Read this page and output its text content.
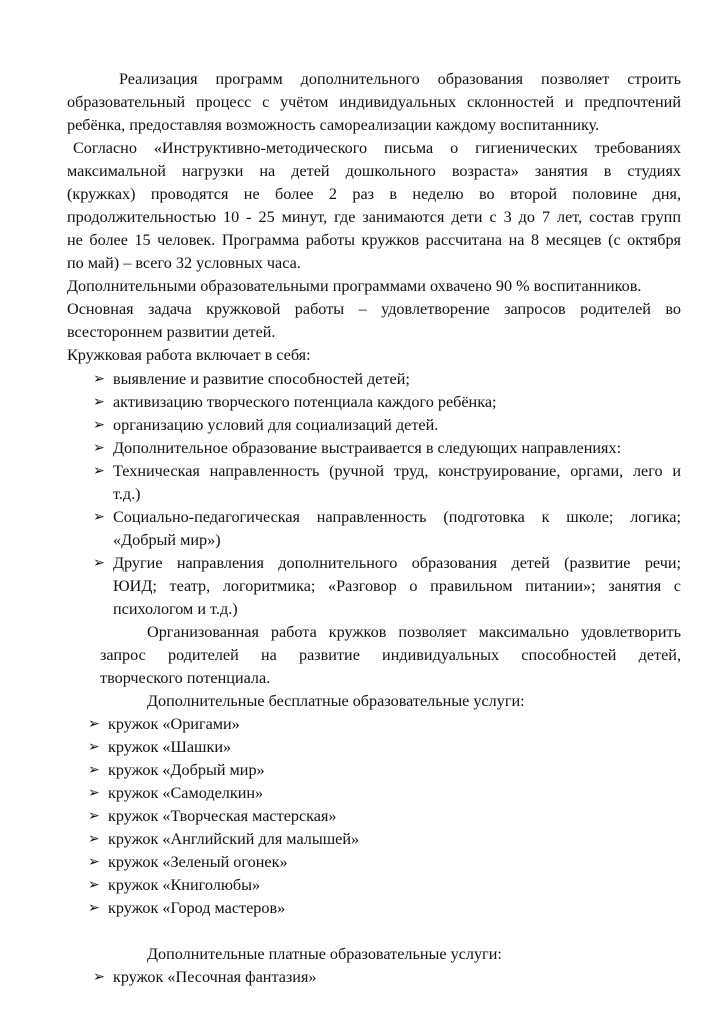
Реализация программ дополнительного образования позволяет строить
образовательный процесс с учётом индивидуальных склонностей и предпочтений
ребёнка, предоставляя возможность самореализации каждому воспитаннику.
Согласно «Инструктивно-методического письма о гигиенических требованиях
максимальной нагрузки на детей дошкольного возраста» занятия в студиях
(кружках) проводятся не более 2 раз в неделю во второй половине дня,
продолжительностью 10 - 25 минут, где занимаются дети с 3 до 7 лет, состав групп
не более 15 человек. Программа работы кружков рассчитана на 8 месяцев (с октября
по май) – всего 32 условных часа.
Дополнительными образовательными программами охвачено 90 % воспитанников.
Основная задача кружковой работы – удовлетворение запросов родителей во
всестороннем развитии детей.
Кружковая работа включает в себя:
➢ выявление и развитие способностей детей;
➢ активизацию творческого потенциала каждого ребёнка;
➢ организацию условий для социализаций детей.
➢ Дополнительное образование выстраивается в следующих направлениях:
➢ Техническая направленность (ручной труд, конструирование, оргами, лего и
т.д.)
➢ Социально-педагогическая направленность (подготовка к школе; логика;
«Добрый мир»)
➢ Другие направления дополнительного образования детей (развитие речи;
ЮИД; театр, логоритмика; «Разговор о правильном питании»; занятия с
психологом и т.д.)
Организованная работа кружков позволяет максимально удовлетворить
запрос родителей на развитие индивидуальных способностей детей,
творческого потенциала.
Дополнительные бесплатные образовательные услуги:
➢ кружок «Оригами»
➢ кружок «Шашки»
➢ кружок «Добрый мир»
➢ кружок «Самоделкин»
➢ кружок «Творческая мастерская»
➢ кружок «Английский для малышей»
➢ кружок «Зеленый огонек»
➢ кружок «Книголюбы»
➢ кружок «Город мастеров»
Дополнительные платные образовательные услуги:
➢ кружок «Песочная фантазия»
